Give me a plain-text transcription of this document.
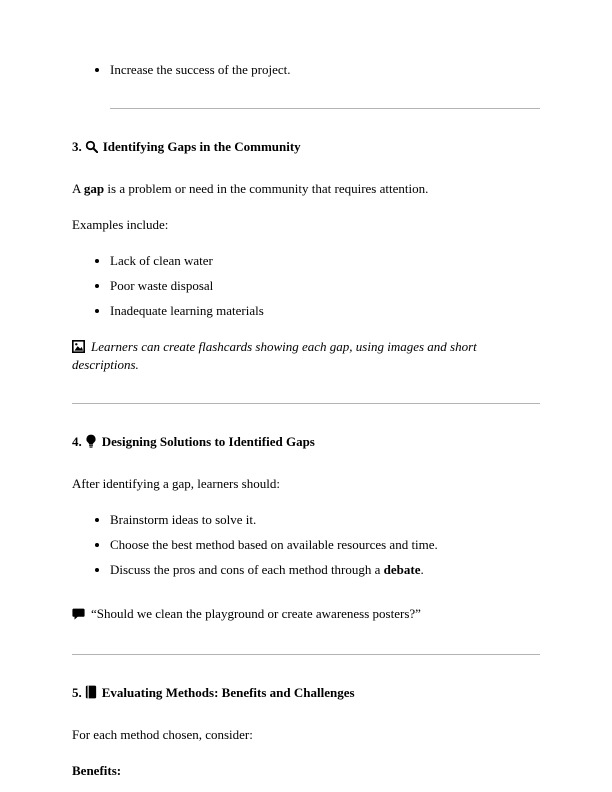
• Increase the success of the project.
3. Identifying Gaps in the Community

A gap is a problem or need in the community that requires attention.

Examples include:

• Lack of clean water
• Poor waste disposal
• Inadequate learning materials

Learners can create flashcards showing each gap, using images and short descriptions.

4. Designing Solutions to Identified Gaps

After identifying a gap, learners should:

• Brainstorm ideas to solve it.
• Choose the best method based on available resources and time.
• Discuss the pros and cons of each method through a debate.

“Should we clean the playground or create awareness posters?”

5. Evaluating Methods: Benefits and Challenges

For each method chosen, consider:

Benefits:
